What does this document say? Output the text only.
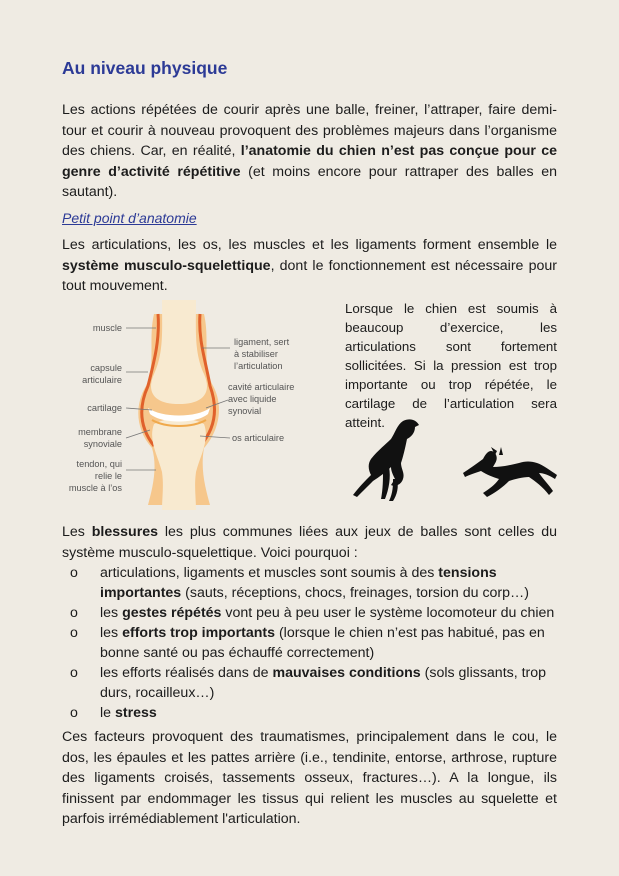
Au niveau physique

Les actions répétées de courir après une balle, freiner, l’attraper, faire demi-tour et courir à nouveau provoquent des problèmes majeurs dans l’organisme des chiens. Car, en réalité, l’anatomie du chien n’est pas conçue pour ce genre d’activité répétitive (et moins encore pour rattraper des balles en sautant).

Petit point d’anatomie

Les articulations, les os, les muscles et les ligaments forment ensemble le système musculo-squelettique, dont le fonctionnement est nécessaire pour tout mouvement.

muscle
capsule
articulaire
cartilage
membrane
synoviale
tendon, qui
relie le
muscle à l’os
ligament, sert
à stabiliser
l’articulation
cavité articulaire
avec liquide
synovial
os articulaire

Lorsque le chien est soumis à beaucoup d’exercice, les articulations sont fortement sollicitées. Si la pression est trop importante ou trop répétée, le cartilage de l’articulation sera atteint.

Les blessures les plus communes liées aux jeux de balles sont celles du système musculo-squelettique. Voici pourquoi :

o articulations, ligaments et muscles sont soumis à des tensions importantes (sauts, réceptions, chocs, freinages, torsion du corp…)
o les gestes répétés vont peu à peu user le système locomoteur du chien
o les efforts trop importants (lorsque le chien n’est pas habitué, pas en bonne santé ou pas échauffé correctement)
o les efforts réalisés dans de mauvaises conditions (sols glissants, trop durs, rocailleux…)
o le stress

Ces facteurs provoquent des traumatismes, principalement dans le cou, le dos, les épaules et les pattes arrière (i.e., tendinite, entorse, arthrose, rupture des ligaments croisés, tassements osseux, fractures…). A la longue, ils finissent par endommager les tissus qui relient les muscles au squelette et parfois irrémédiablement l'articulation.
